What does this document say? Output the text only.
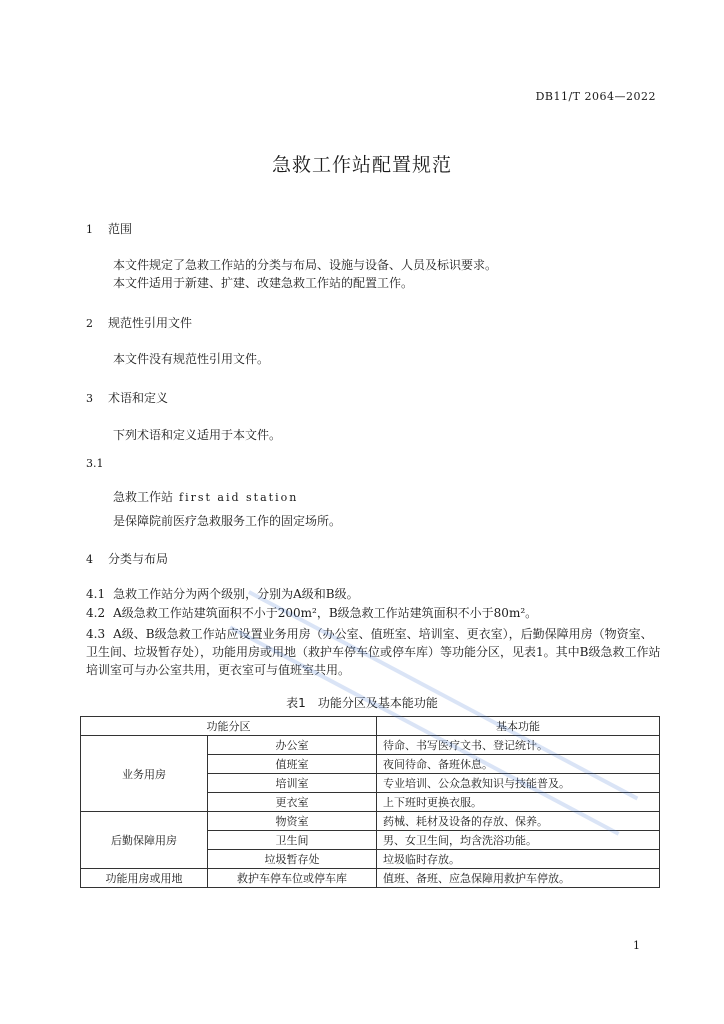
DB11/T 2064—2022
急救工作站配置规范
1 范围
本文件规定了急救工作站的分类与布局、设施与设备、人员及标识要求。
本文件适用于新建、扩建、改建急救工作站的配置工作。
2 规范性引用文件
本文件没有规范性引用文件。
3 术语和定义
下列术语和定义适用于本文件。
3.1
急救工作站 first aid station
是保障院前医疗急救服务工作的固定场所。
4 分类与布局
4.1 急救工作站分为两个级别，分别为A级和B级。
4.2 A级急救工作站建筑面积不小于200m²，B级急救工作站建筑面积不小于80m²。
4.3 A级、B级急救工作站应设置业务用房（办公室、值班室、培训室、更衣室），后勤保障用房（物资室、卫生间、垃圾暂存处），功能用房或用地（救护车停车位或停车库）等功能分区，见表1。其中B级急救工作站培训室可与办公室共用，更衣室可与值班室共用。
表1 功能分区及基本能功能
功能分区		基本功能
业务用房	办公室	待命、书写医疗文书、登记统计。
	值班室	夜间待命、备班休息。
	培训室	专业培训、公众急救知识与技能普及。
	更衣室	上下班时更换衣服。
后勤保障用房	物资室	药械、耗材及设备的存放、保养。
	卫生间	男、女卫生间，均含洗浴功能。
	垃圾暂存处	垃圾临时存放。
功能用房或用地	救护车停车位或停车库	值班、备班、应急保障用救护车停放。
1
